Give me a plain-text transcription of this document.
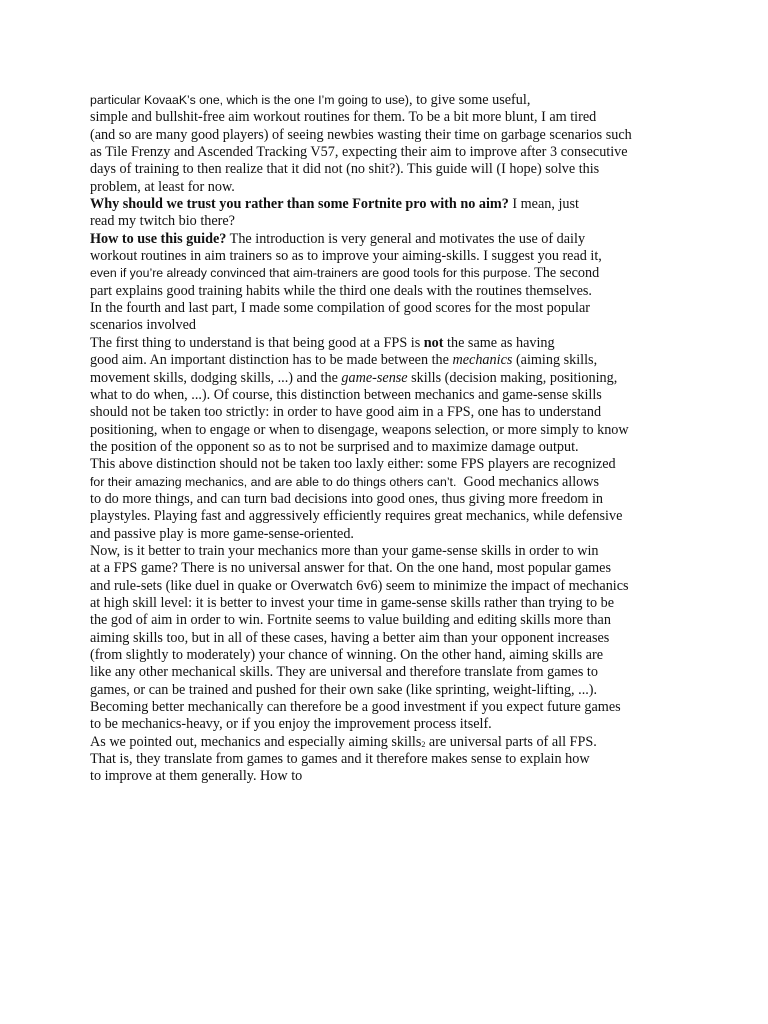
particular KovaaK’s one, which is the one I’m going to use), to give some useful,
simple and bullshit-free aim workout routines for them. To be a bit more blunt, I am tired
(and so are many good players) of seeing newbies wasting their time on garbage scenarios such
as Tile Frenzy and Ascended Tracking V57, expecting their aim to improve after 3 consecutive
days of training to then realize that it did not (no shit?). This guide will (I hope) solve this
problem, at least for now.
Why should we trust you rather than some Fortnite pro with no aim? I mean, just
read my twitch bio there?
How to use this guide? The introduction is very general and motivates the use of daily
workout routines in aim trainers so as to improve your aiming-skills. I suggest you read it,
even if you’re already convinced that aim-trainers are good tools for this purpose. The second
part explains good training habits while the third one deals with the routines themselves.
In the fourth and last part, I made some compilation of good scores for the most popular
scenarios involved
The first thing to understand is that being good at a FPS is not the same as having
good aim. An important distinction has to be made between the mechanics (aiming skills,
movement skills, dodging skills, ...) and the game-sense skills (decision making, positioning,
what to do when, ...). Of course, this distinction between mechanics and game-sense skills
should not be taken too strictly: in order to have good aim in a FPS, one has to understand
positioning, when to engage or when to disengage, weapons selection, or more simply to know
the position of the opponent so as to not be surprised and to maximize damage output.
This above distinction should not be taken too laxly either: some FPS players are recognized
for their amazing mechanics, and are able to do things others can’t.  Good mechanics allows
to do more things, and can turn bad decisions into good ones, thus giving more freedom in
playstyles. Playing fast and aggressively efficiently requires great mechanics, while defensive
and passive play is more game-sense-oriented.
Now, is it better to train your mechanics more than your game-sense skills in order to win
at a FPS game? There is no universal answer for that. On the one hand, most popular games
and rule-sets (like duel in quake or Overwatch 6v6) seem to minimize the impact of mechanics
at high skill level: it is better to invest your time in game-sense skills rather than trying to be
the god of aim in order to win. Fortnite seems to value building and editing skills more than
aiming skills too, but in all of these cases, having a better aim than your opponent increases
(from slightly to moderately) your chance of winning. On the other hand, aiming skills are
like any other mechanical skills. They are universal and therefore translate from games to
games, or can be trained and pushed for their own sake (like sprinting, weight-lifting, ...).
Becoming better mechanically can therefore be a good investment if you expect future games
to be mechanics-heavy, or if you enjoy the improvement process itself.
As we pointed out, mechanics and especially aiming skills2 are universal parts of all FPS.
That is, they translate from games to games and it therefore makes sense to explain how
to improve at them generally. How to
